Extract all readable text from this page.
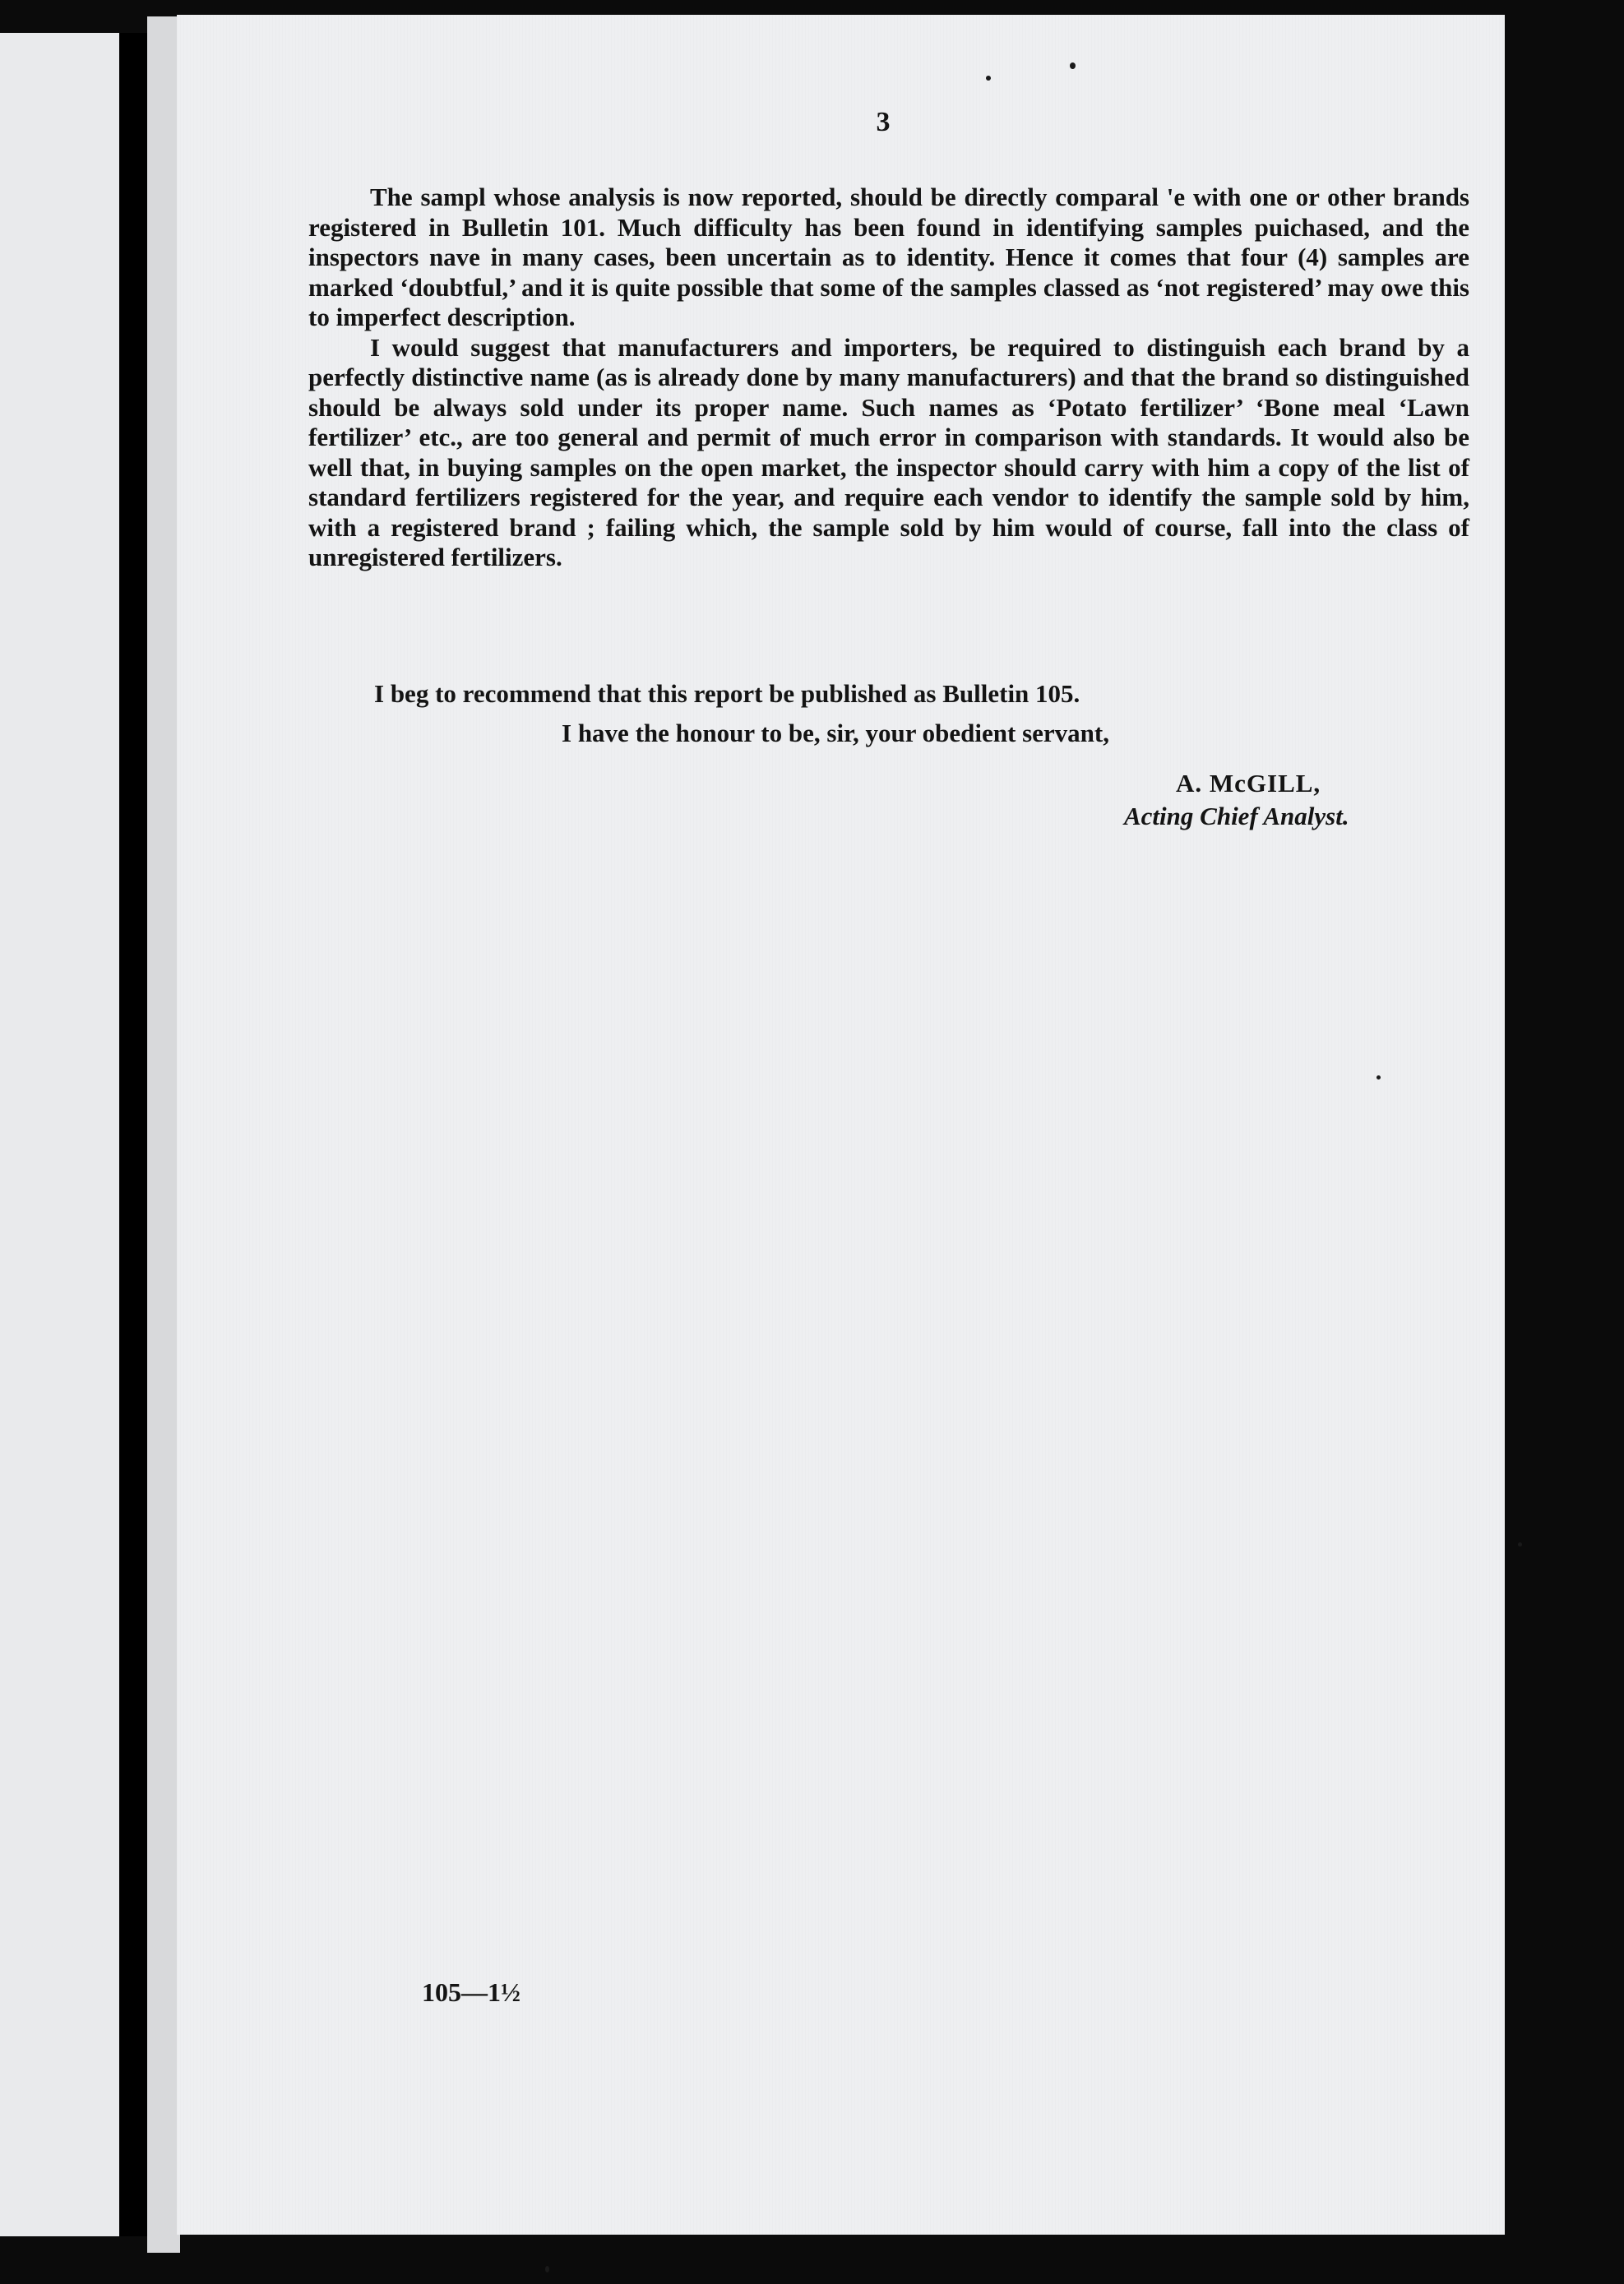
3

The sampl whose analysis is now reported, should be directly comparal 'e with one or other brands registered in Bulletin 101. Much difficulty has been found in identifying samples puichased, and the inspectors nave in many cases, been uncertain as to identity. Hence it comes that four (4) samples are marked ‘doubtful,’ and it is quite possible that some of the samples classed as ‘not registered’ may owe this to imperfect description.

I would suggest that manufacturers and importers, be required to distinguish each brand by a perfectly distinctive name (as is already done by many manufacturers) and that the brand so distinguished should be always sold under its proper name. Such names as ‘Potato fertilizer’ ‘Bone meal ‘Lawn fertilizer’ etc., are too general and permit of much error in comparison with standards. It would also be well that, in buying samples on the open market, the inspector should carry with him a copy of the list of standard fertilizers registered for the year, and require each vendor to identify the sample sold by him, with a registered brand ; failing which, the sample sold by him would of course, fall into the class of unregistered fertilizers.

I beg to recommend that this report be published as Bulletin 105.
I have the honour to be, sir, your obedient servant,
A. McGILL,
Acting Chief Analyst.
105—1½
